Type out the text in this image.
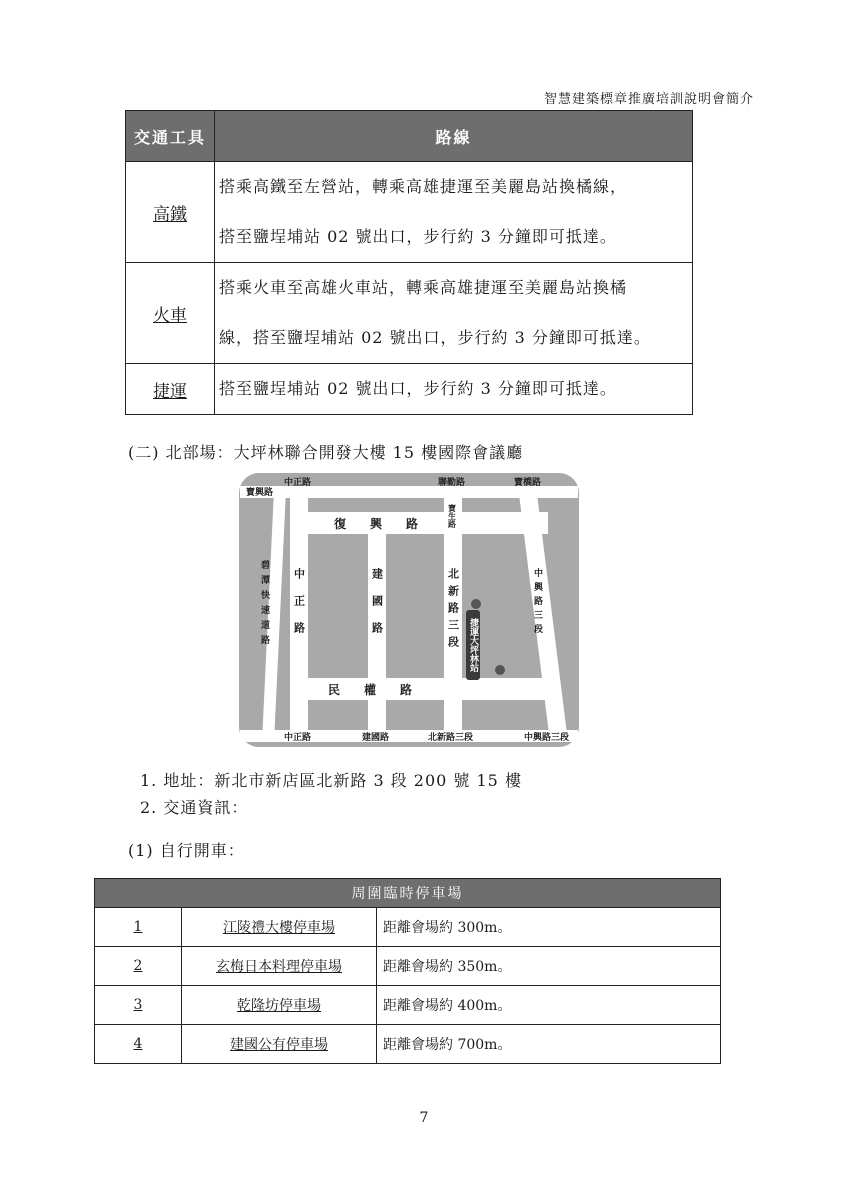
智慧建築標章推廣培訓說明會簡介
交通工具	路線
高鐵	搭乘高鐵至左營站，轉乘高雄捷運至美麗島站換橘線，
搭至鹽埕埔站 02 號出口，步行約 3 分鐘即可抵達。

火車	搭乘火車至高雄火車站，轉乘高雄捷運至美麗島站換橘
線，搭至鹽埕埔站 02 號出口，步行約 3 分鐘即可抵達。

捷運	搭至鹽埕埔站 02 號出口，步行約 3 分鐘即可抵達。
(二) 北部場：大坪林聯合開發大樓 15 樓國際會議廳
寶興路
中正路	聯勤路	寶橋路
中正路	建國路	北新路三段	中興路三段
復興路
民權路
寶生路
碧潭快速道路 中正路	建國路	北新路三段	中興路三段
捷運大坪林站
1. 地址：新北市新店區北新路 3 段 200 號 15 樓
2. 交通資訊：
(1) 自行開車：
周圍臨時停車場		
1	江陵禮大樓停車場	距離會場約 300m。
2	玄梅日本料理停車場	距離會場約 350m。
3	乾隆坊停車場	距離會場約 400m。
4	建國公有停車場	距離會場約 700m。
7
